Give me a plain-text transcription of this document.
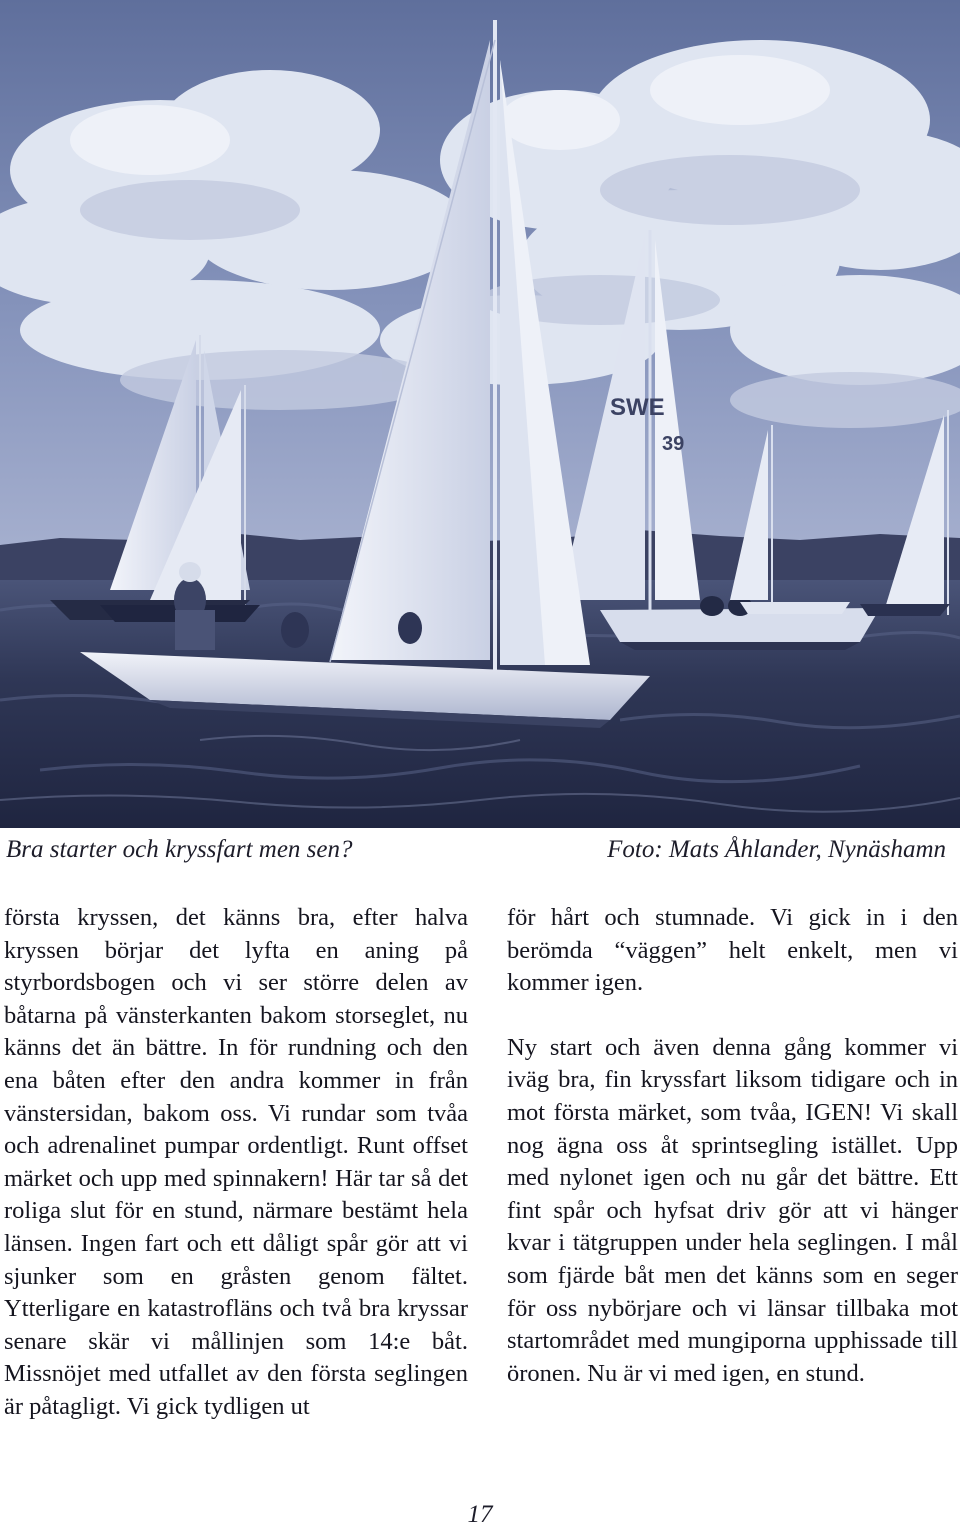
SWE
39
Bra starter och kryssfart men sen?	Foto: Mats Åhlander, Nynäshamn

första kryssen, det känns bra, efter halva kryssen börjar det lyfta en aning på styrbordsbogen och vi ser större delen av båtarna på vänsterkanten bakom storseglet, nu känns det än bättre. In för rundning och den ena båten efter den andra kommer in från vänstersidan, bakom oss. Vi rundar som tvåa och adrenalinet pumpar ordentligt. Runt offset märket och upp med spinnakern! Här tar så det roliga slut för en stund, närmare bestämt hela länsen. Ingen fart och ett dåligt spår gör att vi sjunker som en gråsten genom fältet. Ytterligare en katastrofläns och två bra kryssar senare skär vi mållinjen som 14:e båt. Missnöjet med utfallet av den första seglingen är påtagligt. Vi gick tydligen ut

för hårt och stumnade. Vi gick in i den berömda “väggen” helt enkelt, men vi kommer igen.

Ny start och även denna gång kommer vi iväg bra, fin kryssfart liksom tidigare och in mot första märket, som tvåa, IGEN! Vi skall nog ägna oss åt sprintsegling istället. Upp med nylonet igen och nu går det bättre. Ett fint spår och hyfsat driv gör att vi hänger kvar i tätgruppen under hela seglingen. I mål som fjärde båt men det känns som en seger för oss nybörjare och vi länsar tillbaka mot startområdet med mungiporna upphissade till öronen. Nu är vi med igen, en stund.

17
